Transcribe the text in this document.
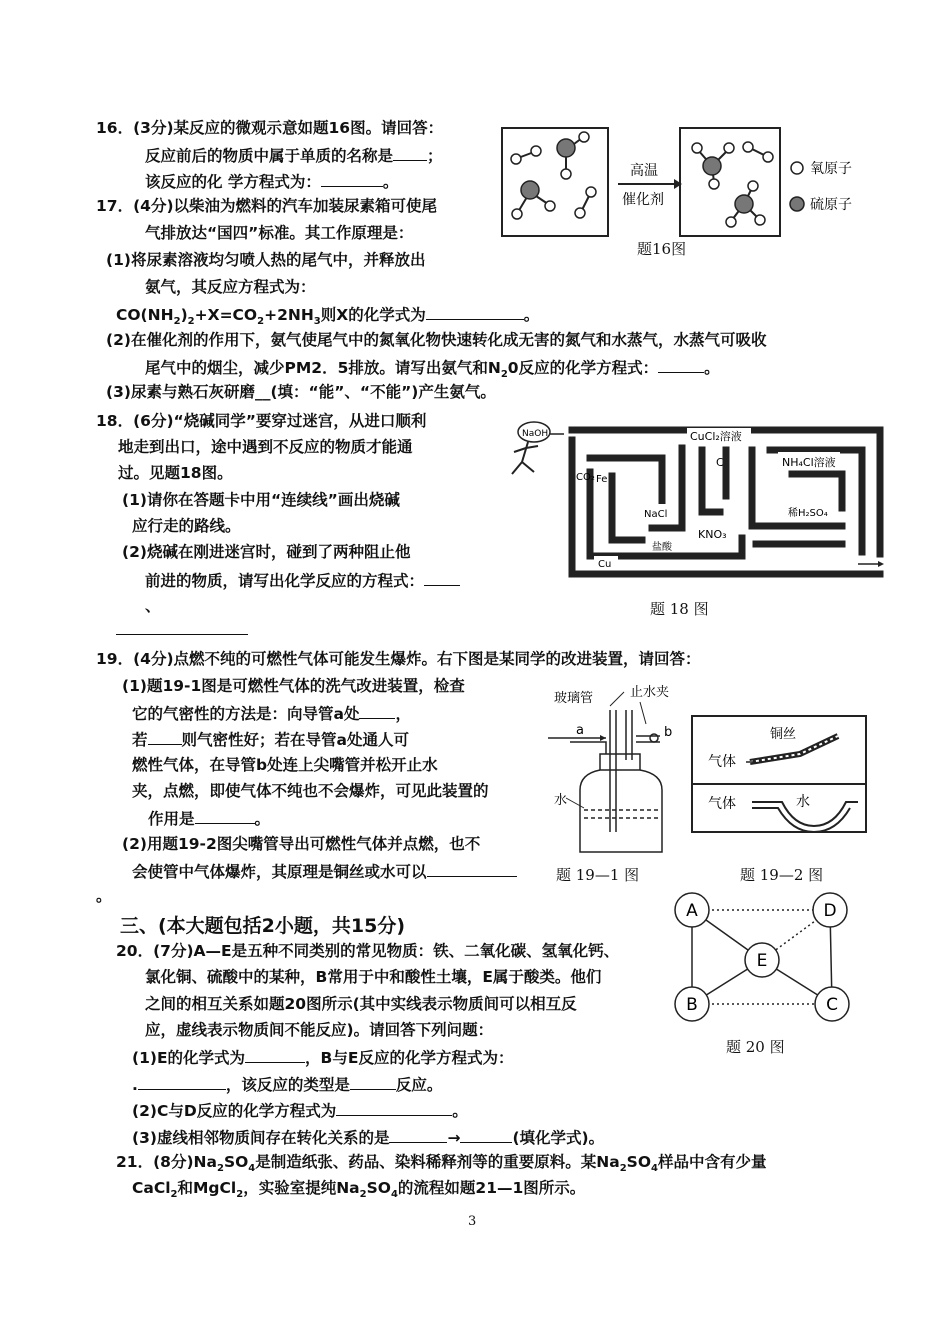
16．(3分)某反应的微观示意如题16图。请回答：
反应前后的物质中属于单质的名称是 ；
该反应的化 学方程式为：	。
高温
催化剂
氧原子
硫原子
题16图
17．(4分)以柴油为燃料的汽车加装尿素箱可使尾
气排放达“国四”标准。其工作原理是：
(1)将尿素溶液均匀喷人热的尾气中，并释放出
氨气，其反应方程式为：
$CO(NH_2)_2+X=CO_2+2NH_3$则X的化学式为	。
(2)在催化剂的作用下，氨气使尾气中的氮氧化物快速转化成无害的氮气和水蒸气，水蒸气可吸收
尾气中的烟尘，减少PM2．5排放。请写出氨气和$N_20$反应的化学方程式：	。
(3)尿素与熟石灰研磨__(填：“能”、“不能”)产生氨气。
18．(6分)“烧碱同学”要穿过迷宫，从进口顺利
地走到出口，途中遇到不反应的物质才能通
过。见题18图。
(1)请你在答题卡中用“连续线”画出烧碱
应行走的路线。
(2)烧碱在刚进迷宫时，碰到了两种阻止他
前进的物质，请写出化学反应的方程式：
、
NaOH	CuCl₂溶液
C	NH₄Cl溶液
CO₂ Fe
NaCl	稀H₂SO₄
KNO₃
盐酸
Cu
题 18 图
19．(4分)点燃不纯的可燃性气体可能发生爆炸。右下图是某同学的改进装置，请回答：
(1)题19-1图是可燃性气体的洗气改进装置，检查
它的气密性的方法是：向导管a处 ，
若 则气密性好；若在导管a处通人可
燃性气体，在导管b处连上尖嘴管并松开止水
夹，点燃，即使气体不纯也不会爆炸，可见此装置的
作用是	。
(2)用题19-2图尖嘴管导出可燃性气体并点燃，也不
会使管中气体爆炸，其原理是铜丝或水可以
。
玻璃管	止水夹
a	b
水
题 19—1 图
铜丝
气体
气体	水
题 19—2 图
三、(本大题包括2小题，共15分)
20．(7分)A—E是五种不同类别的常见物质：铁、二氧化碳、氢氧化钙、
氯化铜、硫酸中的某种，B常用于中和酸性土壤，E属于酸类。他们
之间的相互关系如题20图所示(其中实线表示物质间可以相互反
应，虚线表示物质间不能反应)。请回答下列问题：
(1)E的化学式为	，B与E反应的化学方程式为：
.	，该反应的类型是	反应。
(2)C与D反应的化学方程式为	。
(3)虚线相邻物质间存在转化关系的是	→	(填化学式)。
A	D
E
B	C
题 20 图
21．(8分)$Na_2SO_4$是制造纸张、药品、染料稀释剂等的重要原料。某$Na_2SO_4$样品中含有少量
CaCl$_2$和MgCl$_2$，实验室提纯$Na_2SO_4$的流程如题21—1图所示。
3
